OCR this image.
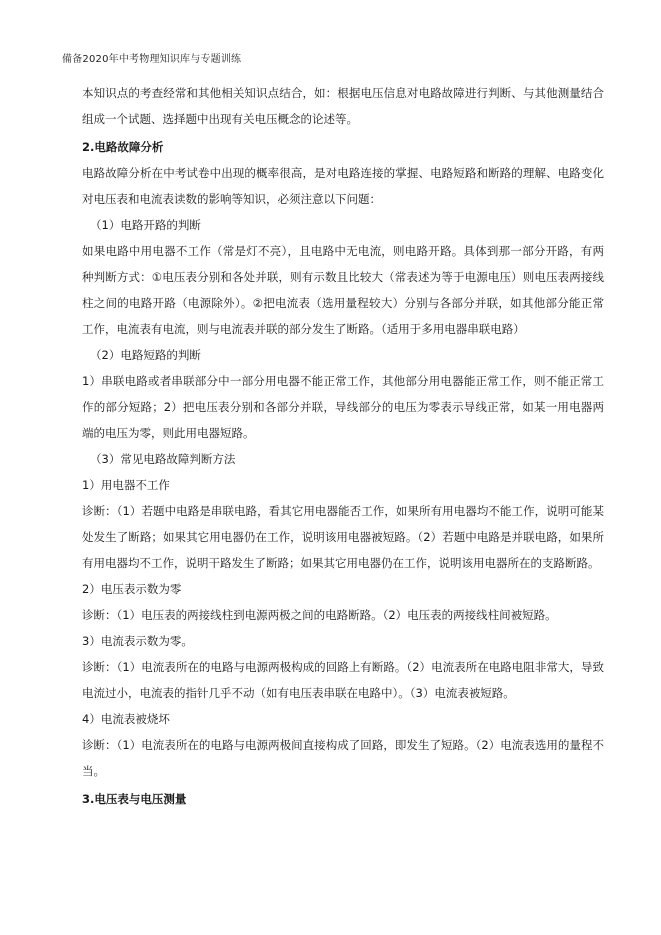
備备2020年中考物理知识库与专题训练

本知识点的考查经常和其他相关知识点结合，如：根据电压信息对电路故障进行判断、与其他测量结合组成一个试题、选择题中出现有关电压概念的论述等。

2.电路故障分析

电路故障分析在中考试卷中出现的概率很高，是对电路连接的掌握、电路短路和断路的理解、电路变化对电压表和电流表读数的影响等知识，必须注意以下问题：

（1）电路开路的判断

如果电路中用电器不工作（常是灯不亮），且电路中无电流，则电路开路。具体到那一部分开路，有两种判断方式：①电压表分别和各处并联，则有示数且比较大（常表述为等于电源电压）则电压表两接线柱之间的电路开路（电源除外）。②把电流表（选用量程较大）分别与各部分并联，如其他部分能正常工作，电流表有电流，则与电流表并联的部分发生了断路。（适用于多用电器串联电路）

（2）电路短路的判断

1）串联电路或者串联部分中一部分用电器不能正常工作，其他部分用电器能正常工作，则不能正常工作的部分短路；2）把电压表分别和各部分并联，导线部分的电压为零表示导线正常，如某一用电器两端的电压为零，则此用电器短路。

（3）常见电路故障判断方法

1）用电器不工作

诊断：（1）若题中电路是串联电路，看其它用电器能否工作，如果所有用电器均不能工作，说明可能某处发生了断路；如果其它用电器仍在工作，说明该用电器被短路。（2）若题中电路是并联电路，如果所有用电器均不工作，说明干路发生了断路；如果其它用电器仍在工作，说明该用电器所在的支路断路。

2）电压表示数为零

诊断：（1）电压表的两接线柱到电源两极之间的电路断路。（2）电压表的两接线柱间被短路。

3）电流表示数为零。

诊断：（1）电流表所在的电路与电源两极构成的回路上有断路。（2）电流表所在电路电阻非常大，导致电流过小，电流表的指针几乎不动（如有电压表串联在电路中）。（3）电流表被短路。

4）电流表被烧坏

诊断：（1）电流表所在的电路与电源两极间直接构成了回路，即发生了短路。（2）电流表选用的量程不当。

3.电压表与电压测量
